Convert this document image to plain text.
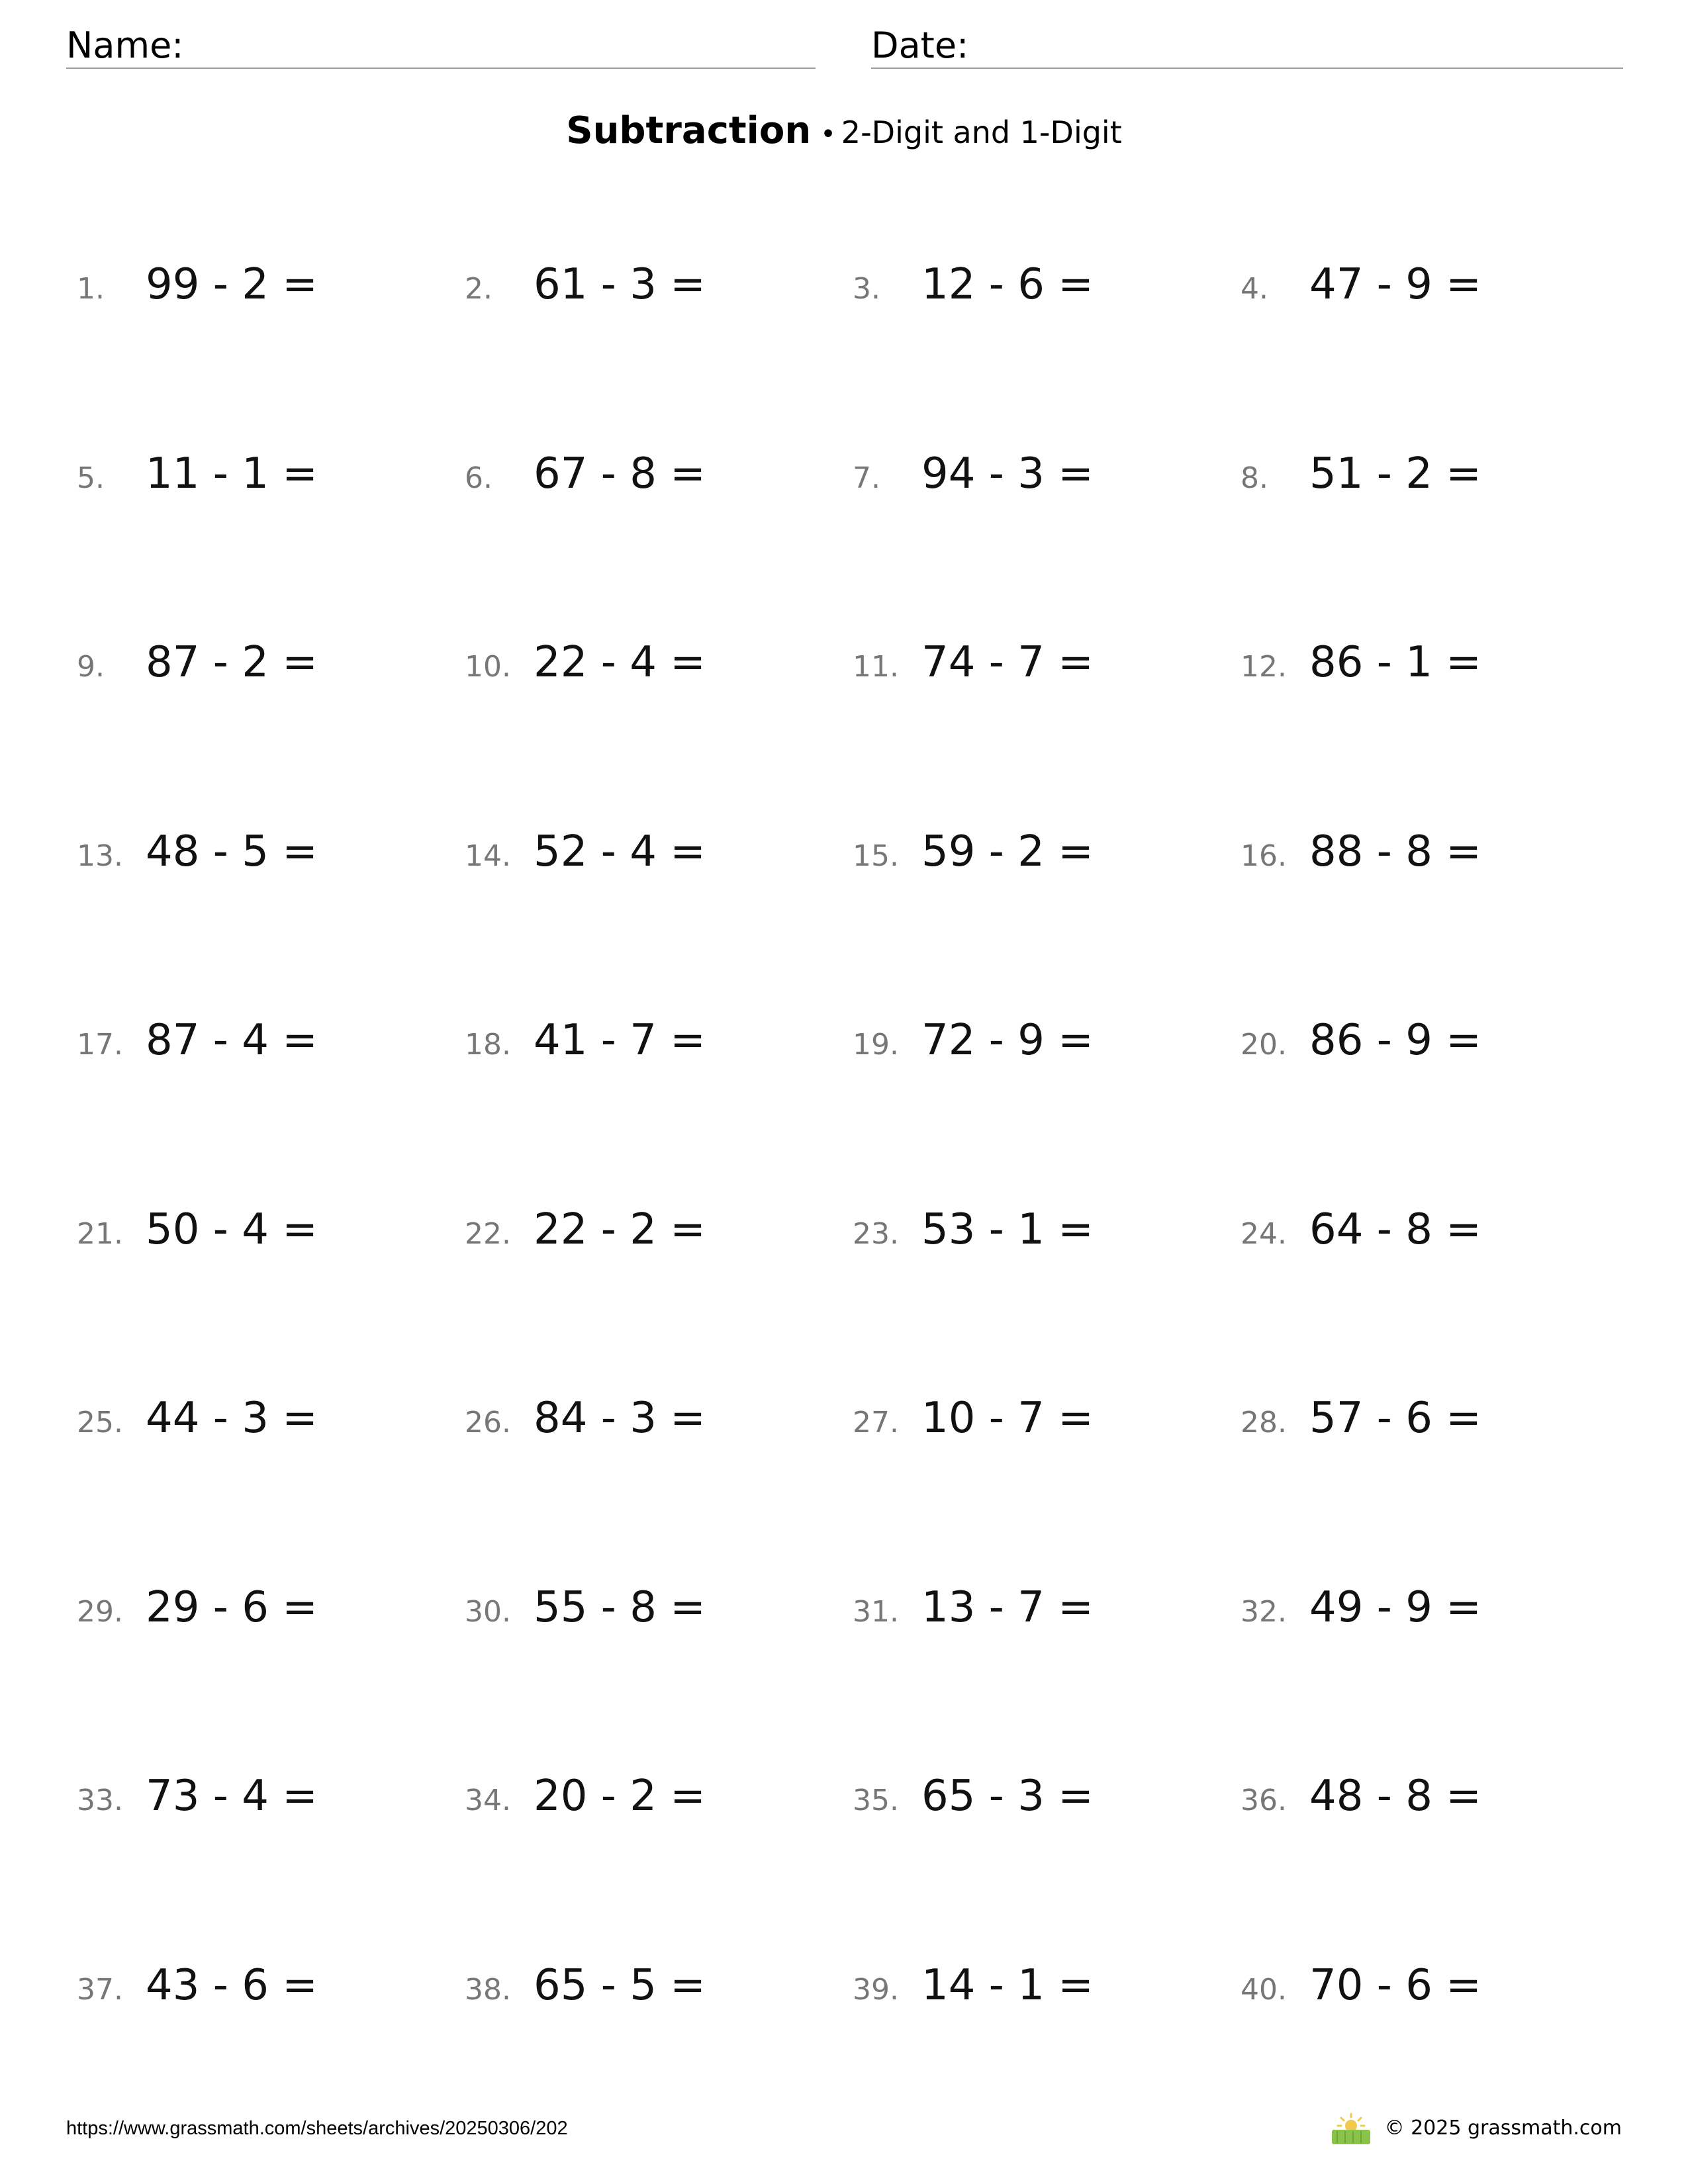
Name:	Date:
Subtraction • 2-Digit and 1-Digit
1. 99 - 2 =	2. 61 - 3 =	3. 12 - 6 =	4. 47 - 9 =
5. 11 - 1 =	6. 67 - 8 =	7. 94 - 3 =	8. 51 - 2 =
9. 87 - 2 =	10. 22 - 4 =	11. 74 - 7 =	12. 86 - 1 =
13. 48 - 5 =	14. 52 - 4 =	15. 59 - 2 =	16. 88 - 8 =
17. 87 - 4 =	18. 41 - 7 =	19. 72 - 9 =	20. 86 - 9 =
21. 50 - 4 =	22. 22 - 2 =	23. 53 - 1 =	24. 64 - 8 =
25. 44 - 3 =	26. 84 - 3 =	27. 10 - 7 =	28. 57 - 6 =
29. 29 - 6 =	30. 55 - 8 =	31. 13 - 7 =	32. 49 - 9 =
33. 73 - 4 =	34. 20 - 2 =	35. 65 - 3 =	36. 48 - 8 =
37. 43 - 6 =	38. 65 - 5 =	39. 14 - 1 =	40. 70 - 6 =
https://www.grassmath.com/sheets/archives/20250306/202	© 2025 grassmath.com
